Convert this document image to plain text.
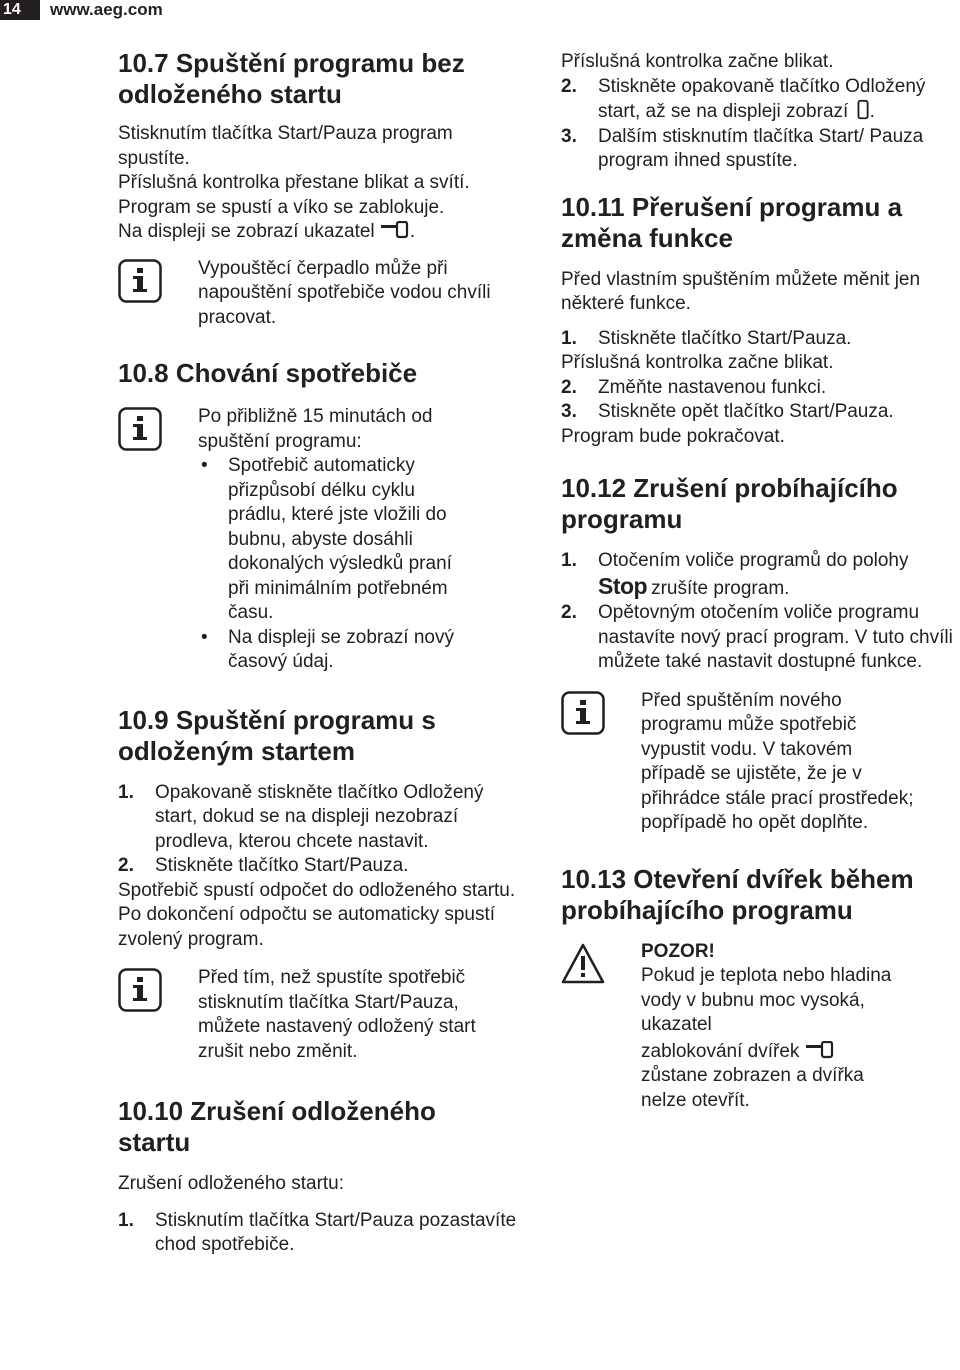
14	www.aeg.com
10.7 Spuštění programu bez odloženého startu

Stisknutím tlačítka Start/Pauza program spustíte.

Příslušná kontrolka přestane blikat a svítí.

Program se spustí a víko se zablokuje.

Na displeji se zobrazí ukazatel .

Vypouštěcí čerpadlo může při napouštění spotřebiče vodou chvíli pracovat.

10.8 Chování spotřebiče

Po přibližně 15 minutách od spuštění programu:

• Spotřebič automaticky přizpůsobí délku cyklu prádlu, které jste vložili do bubnu, abyste dosáhli dokonalých výsledků praní při minimálním potřebném času.
• Na displeji se zobrazí nový časový údaj.
10.9 Spuštění programu s odloženým startem
1. Opakovaně stiskněte tlačítko Odložený start, dokud se na displeji nezobrazí prodleva, kterou chcete nastavit.
2. Stiskněte tlačítko Start/Pauza.

Spotřebič spustí odpočet do odloženého startu.

Po dokončení odpočtu se automaticky spustí zvolený program.

Před tím, než spustíte spotřebič stisknutím tlačítka Start/Pauza, můžete nastavený odložený start zrušit nebo změnit.

10.10 Zrušení odloženého startu

Zrušení odloženého startu:

1. Stisknutím tlačítka Start/Pauza pozastavíte chod spotřebiče.

Příslušná kontrolka začne blikat.

2. Stiskněte opakovaně tlačítko Odložený start, až se na displeji zobrazí .
3. Dalším stisknutím tlačítka Start/ Pauza program ihned spustíte.
10.11 Přerušení programu a změna funkce

Před vlastním spuštěním můžete měnit jen některé funkce.

1. Stiskněte tlačítko Start/Pauza.

Příslušná kontrolka začne blikat.

2. Změňte nastavenou funkci.
3. Stiskněte opět tlačítko Start/Pauza.

Program bude pokračovat.

10.12 Zrušení probíhajícího programu
1. Otočením voliče programů do polohy
Stop zrušíte program.
2. Opětovným otočením voliče programu nastavíte nový prací program. V tuto chvíli můžete také nastavit dostupné funkce.

Před spuštěním nového programu může spotřebič vypustit vodu. V takovém případě se ujistěte, že je v přihrádce stále prací prostředek; popřípadě ho opět doplňte.

10.13 Otevření dvířek během probíhajícího programu

POZOR!

Pokud je teplota nebo hladina vody v bubnu moc vysoká, ukazatel

zablokování dvířek

zůstane zobrazen a dvířka nelze otevřít.
